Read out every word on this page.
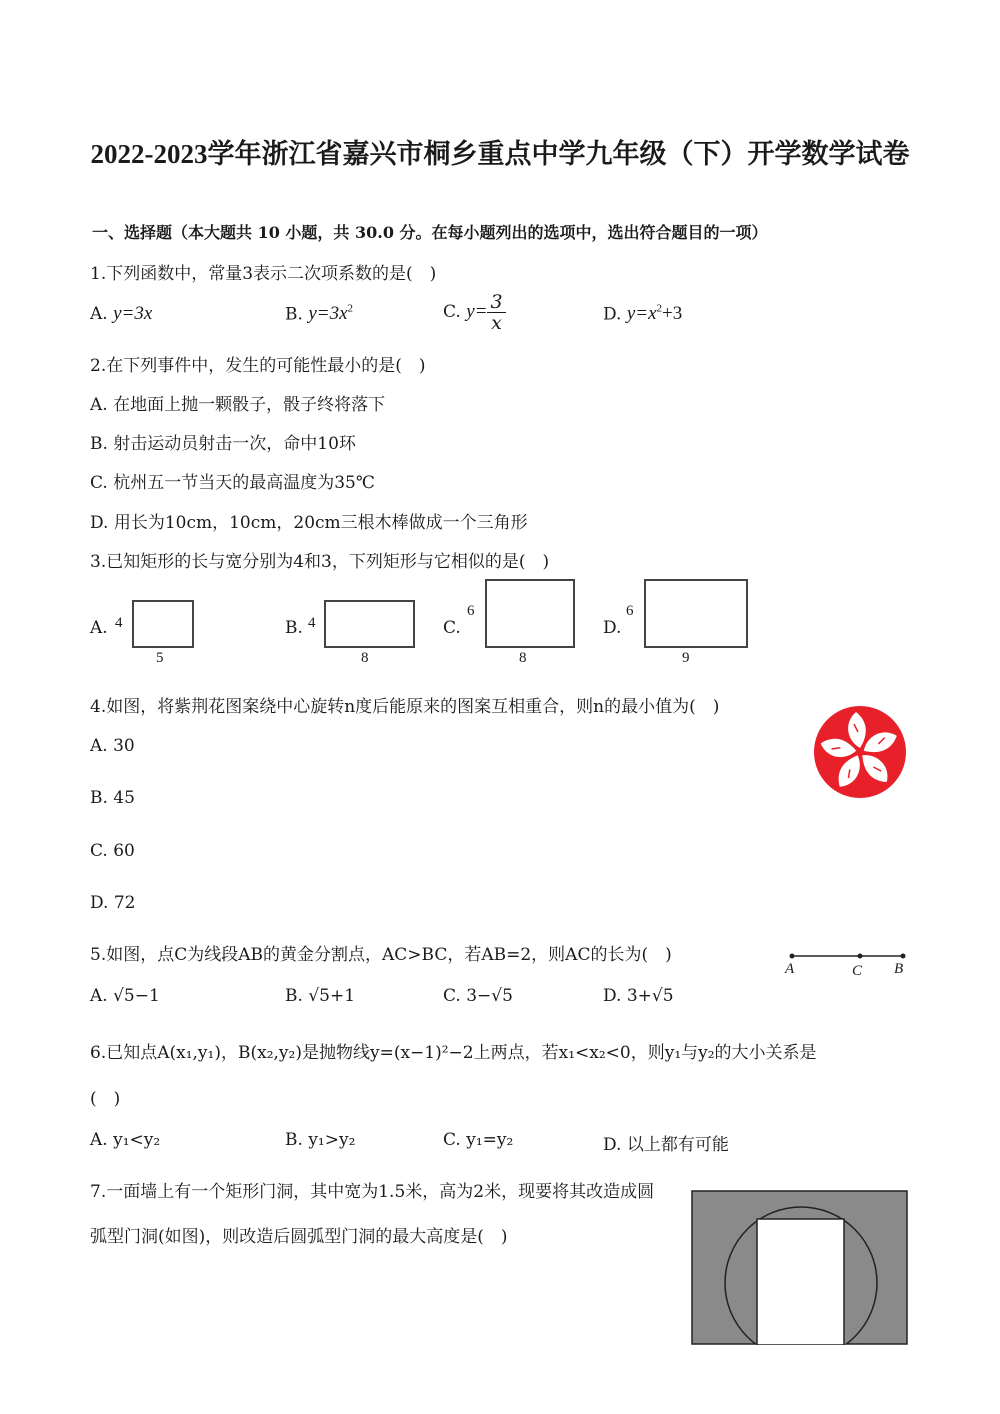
2022-2023学年浙江省嘉兴市桐乡重点中学九年级（下）开学数学试卷
一、选择题（本大题共 10 小题，共 30.0 分。在每小题列出的选项中，选出符合题目的一项）
1.下列函数中，常量3表示二次项系数的是(　)
A. y=3x	B. $y=3x^2$	C. $y= \frac{3}{x}$	D. $y=x^2+3$
2.在下列事件中，发生的可能性最小的是(　)
A. 在地面上抛一颗骰子，骰子终将落下
B. 射击运动员射击一次，命中10环
C. 杭州五一节当天的最高温度为35℃
D. 用长为10cm，10cm，20cm三根木棒做成一个三角形
3.已知矩形的长与宽分别为4和3，下列矩形与它相似的是(　)
A. 4
5
B. 4
8
C.
6
8
D.
6
9
4.如图，将紫荆花图案绕中心旋转n度后能原来的图案互相重合，则n的最小值为(　)
A. 30
B. 45
C. 60
D. 72
5.如图，点C为线段AB的黄金分割点，AC>BC，若AB=2，则AC的长为(　)
A. √5−1	B. √5+1	C. 3−√5	D. 3+√5
A	C B
6.已知点A(x₁,y₁)，B(x₂,y₂)是抛物线y=(x−1)²−2上两点，若x₁<x₂<0，则y₁与y₂的大小关系是
(　)
A. y₁<y₂	B. y₁>y₂	C. y₁=y₂	D. 以上都有可能
7.一面墙上有一个矩形门洞，其中宽为1.5米，高为2米，现要将其改造成圆
弧型门洞(如图)，则改造后圆弧型门洞的最大高度是(　)
